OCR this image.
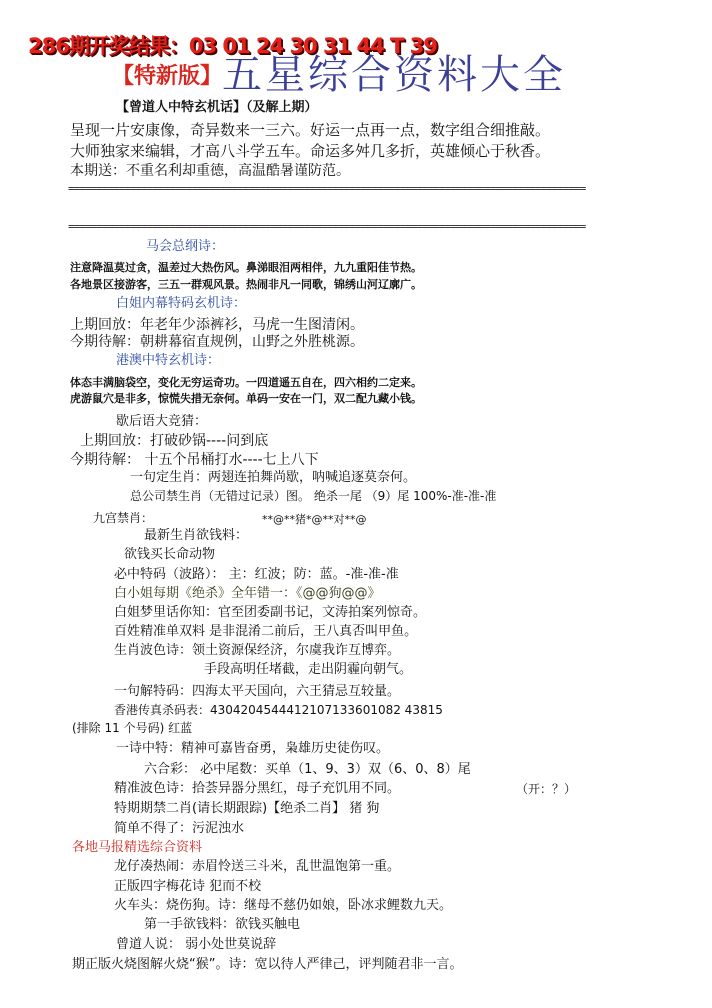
286期开奖结果：03 01 24 30 31 44 T 39
【特新版】 五星综合资料大全
【曾道人中特玄机话】（及解上期）
呈现一片安康像，奇异数来一三六。好运一点再一点，数字组合细推敲。
大师独家来编辑，才高八斗学五车。命运多舛几多折，英雄倾心于秋香。
本期送：不重名利却重德，高温酷暑谨防范。
============================================================================================
============================================================================================
马会总纲诗：
注意降温莫过贪，温差过大热伤风。鼻涕眼泪两相伴，九九重阳佳节热。
各地景区接游客，三五一群观风景。热闹非凡一同歌，锦绣山河辽廓广。
白姐内幕特码玄机诗：
上期回放：年老年少添裤衫，马虎一生图清闲。
今期待解：朝耕幕宿直规例，山野之外胜桃源。
港澳中特玄机诗：
体态丰满脑袋空，变化无穷运奇功。一四道遥五自在，四六相约二定来。
虎游鼠穴是非多，惊慌失措无奈何。单码一安在一门，双二配九藏小钱。
歇后语大竞猜：
上期回放：打破砂锅----问到底
今期待解： 十五个吊桶打水----七上八下
一句定生肖：两翅连拍舞尚歇，呐喊追逐莫奈何。
总公司禁生肖（无错过记录）图。 绝杀一尾 （9）尾 100%-准-准-准
九宫禁肖：	**@**猪*@**对**@
最新生肖欲钱料：
欲钱买长命动物
必中特码（波路）： 主：红波；防：蓝。-准-准-准
白小姐每期《绝杀》全年错一：《@@狗@@》
白姐梦里话你知：官至团委副书记，文涛拍案列惊奇。
百姓精准单双料 是非混淆二前后，王八真否叫甲鱼。
生肖波色诗：领土资源保经济，尔虞我诈互博弈。
手段高明任堵截，走出阴霾向朝气。
一句解特码：四海太平天国向，六王猜忌互较量。
香港传真杀码表：4304204544412107133601082 43815
(排除 11 个号码) 红蓝
一诗中特：精神可嘉皆奋勇，枭雄历史徒伤叹。
六合彩： 必中尾数：买单（1、9、3）双（6、0、8）尾
精准波色诗：拾荟异器分黑红，母子充饥用不同。	（开：？）
特期期禁二肖(请长期跟踪)【绝杀二肖】 猪 狗
简单不得了：污泥浊水
各地马报精选综合资料
龙仔凑热闹：赤眉怜送三斗米，乱世温饱第一重。
正版四字梅花诗 犯而不校
火车头：烧伤狗。诗：继母不慈仍如娘，卧冰求鲤数九天。
第一手欲钱料：欲钱买触电
曾道人说： 弱小处世莫说辞
期正版火烧图解火烧“猴”。诗：宽以待人严律己，评判随君非一言。
